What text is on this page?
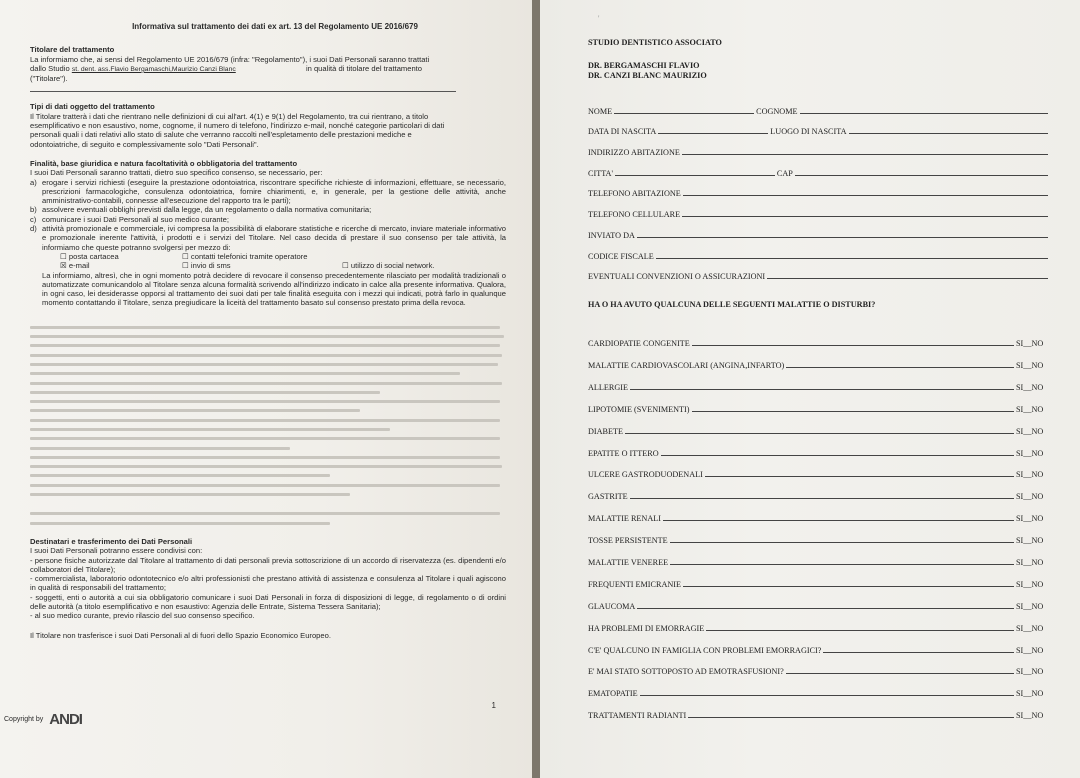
Informativa sul trattamento dei dati ex art. 13 del Regolamento UE 2016/679
Titolare del trattamento
La informiamo che, ai sensi del Regolamento UE 2016/679 (infra: "Regolamento"), i suoi Dati Personali saranno trattati
dallo Studio st. dent. ass.Flavio Bergamaschi,Maurizio Canzi Blanc	in qualità di titolare del trattamento
("Titolare").
Tipi di dati oggetto del trattamento
Il Titolare tratterà i dati che rientrano nelle definizioni di cui all'art. 4(1) e 9(1) del Regolamento, tra cui rientrano, a titolo
esemplificativo e non esaustivo, nome, cognome, il numero di telefono, l'indirizzo e-mail, nonché categorie particolari di dati
personali quali i dati relativi allo stato di salute che verranno raccolti nell'espletamento delle prestazioni mediche e
odontoiatriche, di seguito e complessivamente solo "Dati Personali".
Finalità, base giuridica e natura facoltatività o obbligatoria del trattamento
I suoi Dati Personali saranno trattati, dietro suo specifico consenso, se necessario, per:
a) erogare i servizi richiesti (eseguire la prestazione odontoiatrica, riscontrare specifiche richieste di informazioni, effettuare, se necessario, prescrizioni farmacologiche, consulenza odontoiatrica, fornire chiarimenti, e, in generale, per la gestione delle attività, anche amministrativo-contabili, connesse all'esecuzione del rapporto tra le parti);
b) assolvere eventuali obblighi previsti dalla legge, da un regolamento o dalla normativa comunitaria;
c) comunicare i suoi Dati Personali al suo medico curante;
d) attività promozionale e commerciale, ivi compresa la possibilità di elaborare statistiche e ricerche di mercato, inviare materiale informativo e promozionale inerente l'attività, i prodotti e i servizi del Titolare. Nel caso decida di prestare il suo consenso per tale attività, la informiamo che queste potranno svolgersi per mezzo di:
☐ posta cartacea	☐ contatti telefonici tramite operatore
☒ e-mail	☐ invio di sms	☐ utilizzo di social network.
La informiamo, altresì, che in ogni momento potrà decidere di revocare il consenso precedentemente rilasciato per modalità tradizionali o automatizzate comunicandolo al Titolare senza alcuna formalità scrivendo all'indirizzo indicato in calce alla presente informativa. Qualora, in ogni caso, lei desiderasse opporsi al trattamento dei suoi dati per tale finalità eseguita con i mezzi qui indicati, potrà farlo in qualunque momento contattando il Titolare, senza pregiudicare la liceità del trattamento basato sul consenso prestato prima della revoca.
Destinatari e trasferimento dei Dati Personali
I suoi Dati Personali potranno essere condivisi con:
- persone fisiche autorizzate dal Titolare al trattamento di dati personali previa sottoscrizione di un accordo di riservatezza (es. dipendenti e/o collaboratori del Titolare);
- commercialista, laboratorio odontotecnico e/o altri professionisti che prestano attività di assistenza e consulenza al Titolare i quali agiscono in qualità di responsabili del trattamento;
- soggetti, enti o autorità a cui sia obbligatorio comunicare i suoi Dati Personali in forza di disposizioni di legge, di regolamento o di ordini delle autorità (a titolo esemplificativo e non esaustivo: Agenzia delle Entrate, Sistema Tessera Sanitaria);
- al suo medico curante, previo rilascio del suo consenso specifico.
Il Titolare non trasferisce i suoi Dati Personali al di fuori dello Spazio Economico Europeo.
1
Copyright by ANDI
'
STUDIO DENTISTICO ASSOCIATO
DR. BERGAMASCHI FLAVIO
DR. CANZI BLANC MAURIZIO
NOME	COGNOME
DATA DI NASCITA	LUOGO DI NASCITA
INDIRIZZO ABITAZIONE
CITTA'	CAP
TELEFONO ABITAZIONE
TELEFONO CELLULARE
INVIATO DA
CODICE FISCALE
EVENTUALI CONVENZIONI O ASSICURAZIONI
HA O HA AVUTO QUALCUNA DELLE SEGUENTI MALATTIE O DISTURBI?
CARDIOPATIE CONGENITE	SI__NO
MALATTIE CARDIOVASCOLARI (ANGINA,INFARTO)	SI__NO
ALLERGIE	SI__NO
LIPOTOMIE (SVENIMENTI)	SI__NO
DIABETE	SI__NO
EPATITE O ITTERO	SI__NO
ULCERE GASTRODUODENALI	SI__NO
GASTRITE	SI__NO
MALATTIE RENALI	SI__NO
TOSSE PERSISTENTE	SI__NO
MALATTIE VENEREE	SI__NO
FREQUENTI EMICRANIE	SI__NO
GLAUCOMA	SI__NO
HA PROBLEMI DI EMORRAGIE	SI__NO
C'E' QUALCUNO IN FAMIGLIA CON PROBLEMI EMORRAGICI?	SI__NO
E' MAI STATO SOTTOPOSTO AD EMOTRASFUSIONI?	SI__NO
EMATOPATIE	SI__NO
TRATTAMENTI RADIANTI	SI__NO
